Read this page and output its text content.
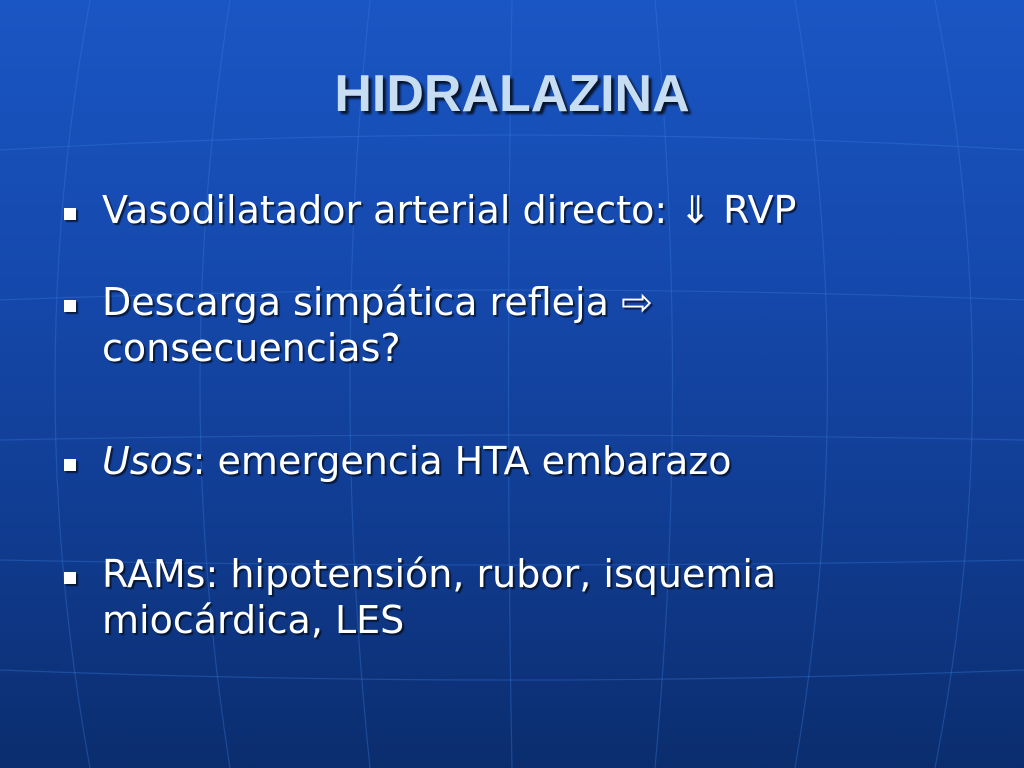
HIDRALAZINA
Vasodilatador arterial directo: ⇓ RVP
Descarga simpática refleja ⇨
consecuencias?
Usos: emergencia HTA embarazo
RAMs: hipotensión, rubor, isquemia
miocárdica, LES
